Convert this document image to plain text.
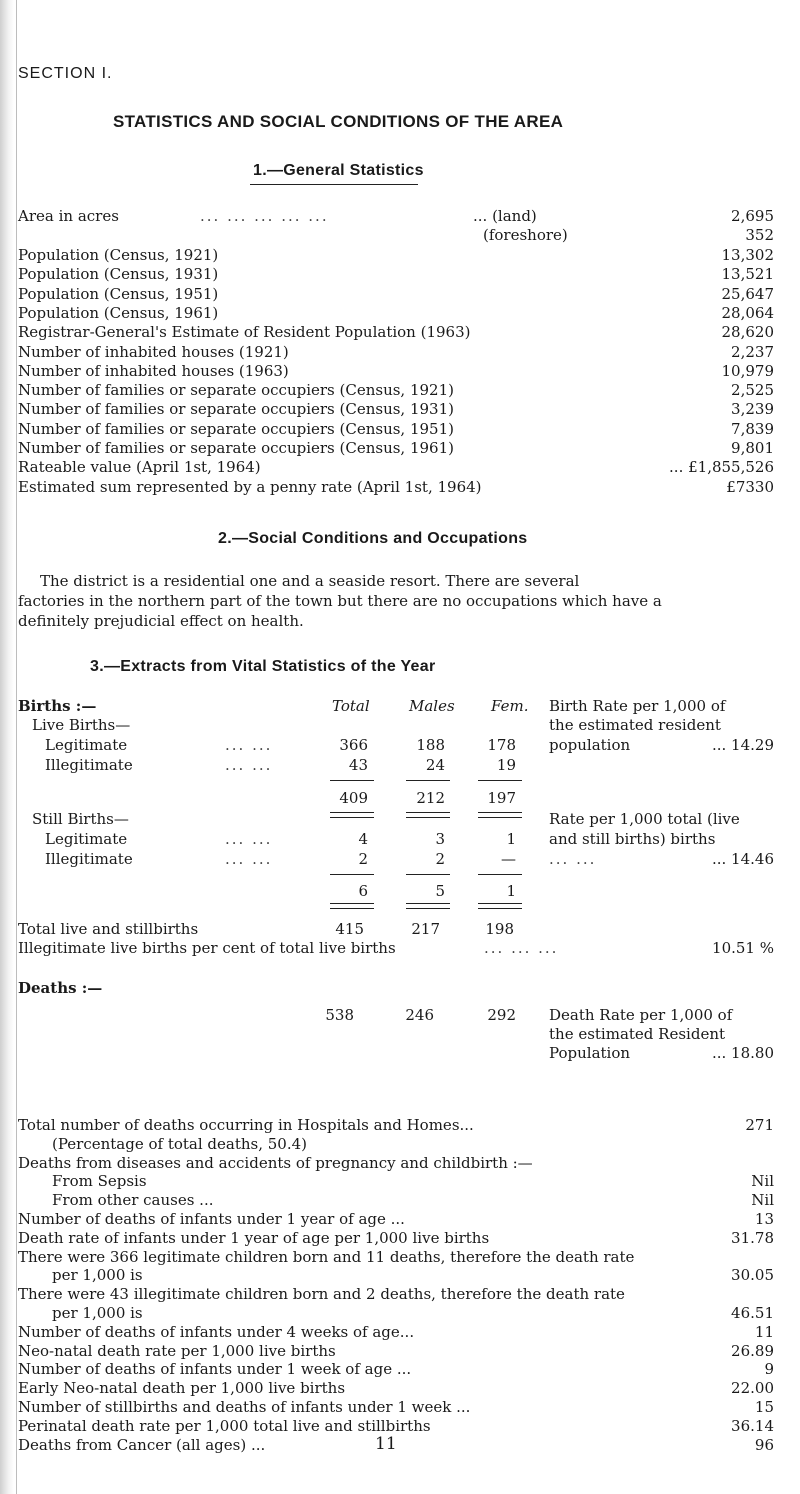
SECTION I.
STATISTICS AND SOCIAL CONDITIONS OF THE AREA
1.—General Statistics
Area in acres	... ... ... ... ...	... (land)	2,695
(foreshore)	352
Population (Census, 1921)	13,302
Population (Census, 1931)	13,521
Population (Census, 1951)	25,647
Population (Census, 1961)	28,064
Registrar-General's Estimate of Resident Population (1963)	28,620
Number of inhabited houses (1921)	2,237
Number of inhabited houses (1963)	10,979
Number of families or separate occupiers (Census, 1921)	2,525
Number of families or separate occupiers (Census, 1931)	3,239
Number of families or separate occupiers (Census, 1951)	7,839
Number of families or separate occupiers (Census, 1961)	9,801
Rateable value (April 1st, 1964)	... £1,855,526
Estimated sum represented by a penny rate (April 1st, 1964)	£7330
2.—Social Conditions and Occupations
The district is a residential one and a seaside resort. There are several
factories in the northern part of the town but there are no occupations which have a
definitely prejudicial effect on health.
3.—Extracts from Vital Statistics of the Year
Births :—	Total	Males Fem.
Live Births—
Legitimate	... ...	366	188	178
Illegitimate	... ...	43	24	19
409	212	197
Still Births—
Legitimate	... ...	4	3	1
Illegitimate	... ...	2	2	—
6	5	1
Birth Rate per 1,000 of
the estimated resident
population	... 14.29
Rate per 1,000 total (live
and still births) births
... ...	... 14.46
Total live and stillbirths	415	217	198
Illegitimate live births per cent of total live births	... ... ...	10.51 %
Deaths :—
538	246	292 Death Rate per 1,000 of
the estimated Resident
Population	... 18.80
Total number of deaths occurring in Hospitals and Homes...	271
(Percentage of total deaths, 50.4)
Deaths from diseases and accidents of pregnancy and childbirth :—
From Sepsis	Nil
From other causes ...	Nil
Number of deaths of infants under 1 year of age ...	13
Death rate of infants under 1 year of age per 1,000 live births	31.78
There were 366 legitimate children born and 11 deaths, therefore the death rate
per 1,000 is	30.05
There were 43 illegitimate children born and 2 deaths, therefore the death rate
per 1,000 is	46.51
Number of deaths of infants under 4 weeks of age...	11
Neo-natal death rate per 1,000 live births	26.89
Number of deaths of infants under 1 week of age ...	9
Early Neo-natal death per 1,000 live births	22.00
Number of stillbirths and deaths of infants under 1 week ...	15
Perinatal death rate per 1,000 total live and stillbirths	36.14
Deaths from Cancer (all ages) ...	96
11
